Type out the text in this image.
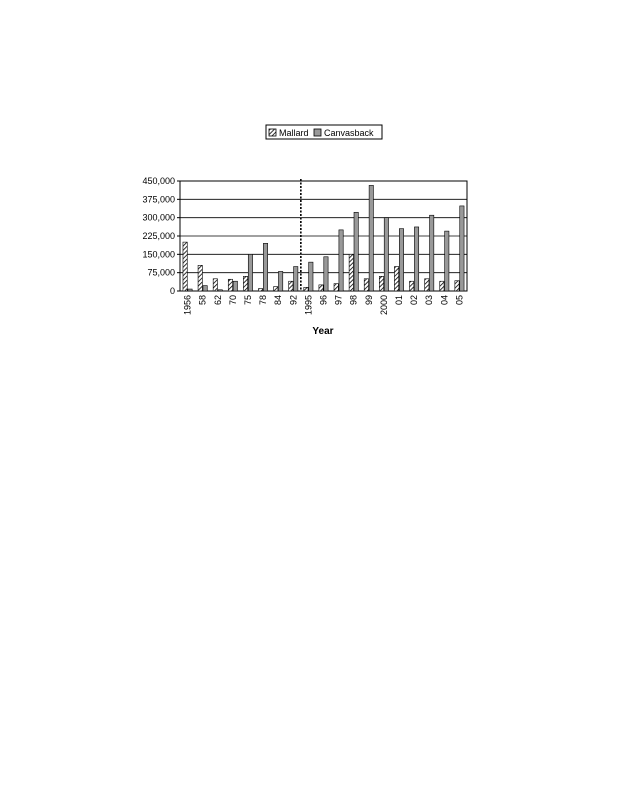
Mallard Canvasback
450,000
375,000
300,000
225,000
150,000
75,000
0
1956 58 62 70 75 78 84 92 1995 96 97 98 99 2000 01 02 03 04 05
Year
